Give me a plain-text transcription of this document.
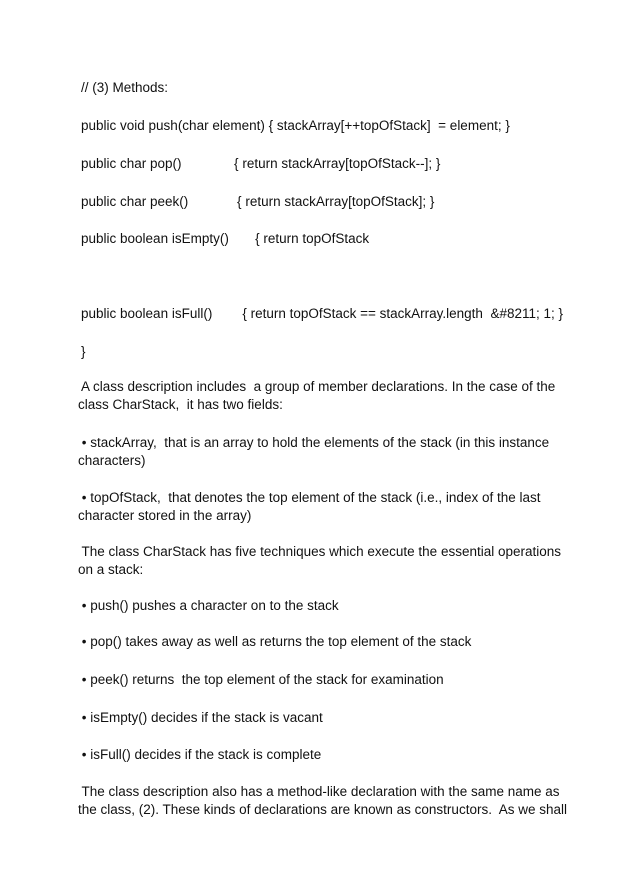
// (3) Methods:
public void push(char element) { stackArray[++topOfStack]  = element; }
public char pop()              { return stackArray[topOfStack--]; }
public char peek()             { return stackArray[topOfStack]; }
public boolean isEmpty()       { return topOfStack
public boolean isFull()        { return topOfStack == stackArray.length  &#8211; 1; }
}
A class description includes  a group of member declarations. In the case of the
class CharStack,  it has two fields:
• stackArray,  that is an array to hold the elements of the stack (in this instance
characters)
• topOfStack,  that denotes the top element of the stack (i.e., index of the last
character stored in the array)
The class CharStack has five techniques which execute the essential operations
on a stack:
• push() pushes a character on to the stack
• pop() takes away as well as returns the top element of the stack
• peek() returns  the top element of the stack for examination
• isEmpty() decides if the stack is vacant
• isFull() decides if the stack is complete
The class description also has a method-like declaration with the same name as
the class, (2). These kinds of declarations are known as constructors.  As we shall
